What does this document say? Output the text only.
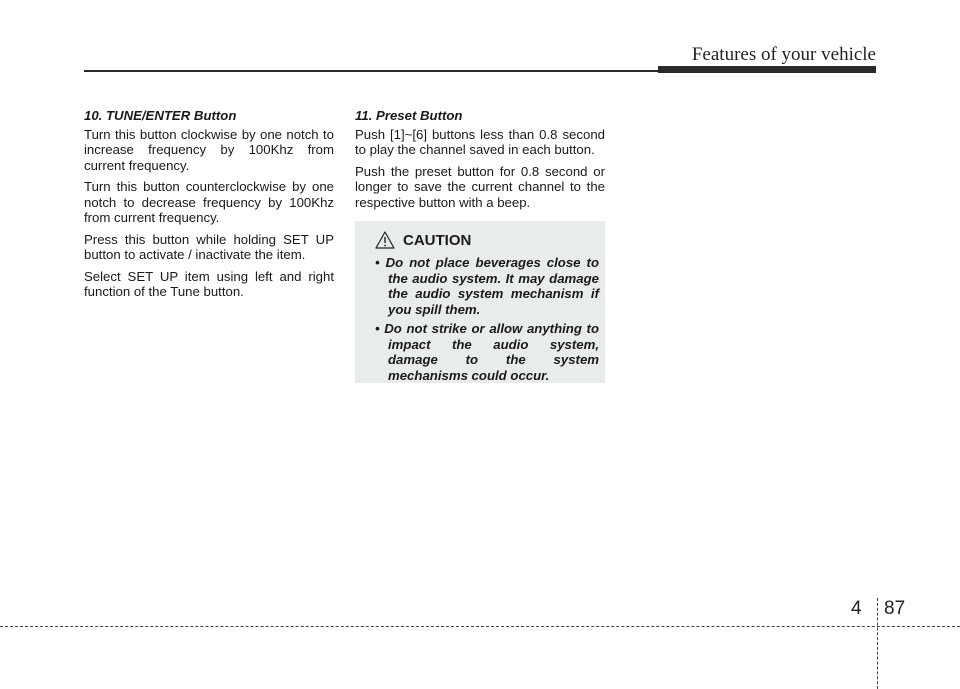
Features of your vehicle

10. TUNE/ENTER Button

Turn this button clockwise by one notch to increase frequency by 100Khz from current frequency.

Turn this button counterclockwise by one notch to decrease frequency by 100Khz from current frequency.

Press this button while holding SET UP button to activate / inactivate the item.

Select SET UP item using left and right function of the Tune button.

11. Preset Button

Push [1]~[6] buttons less than 0.8 second to play the channel saved in each button.

Push the preset button for 0.8 second or longer to save the current channel to the respective button with a beep.

CAUTION
• Do not place beverages close to the audio system. It may damage the audio system mechanism if you spill them.
• Do not strike or allow anything to impact the audio system, damage to the system mechanisms could occur.
4 87
